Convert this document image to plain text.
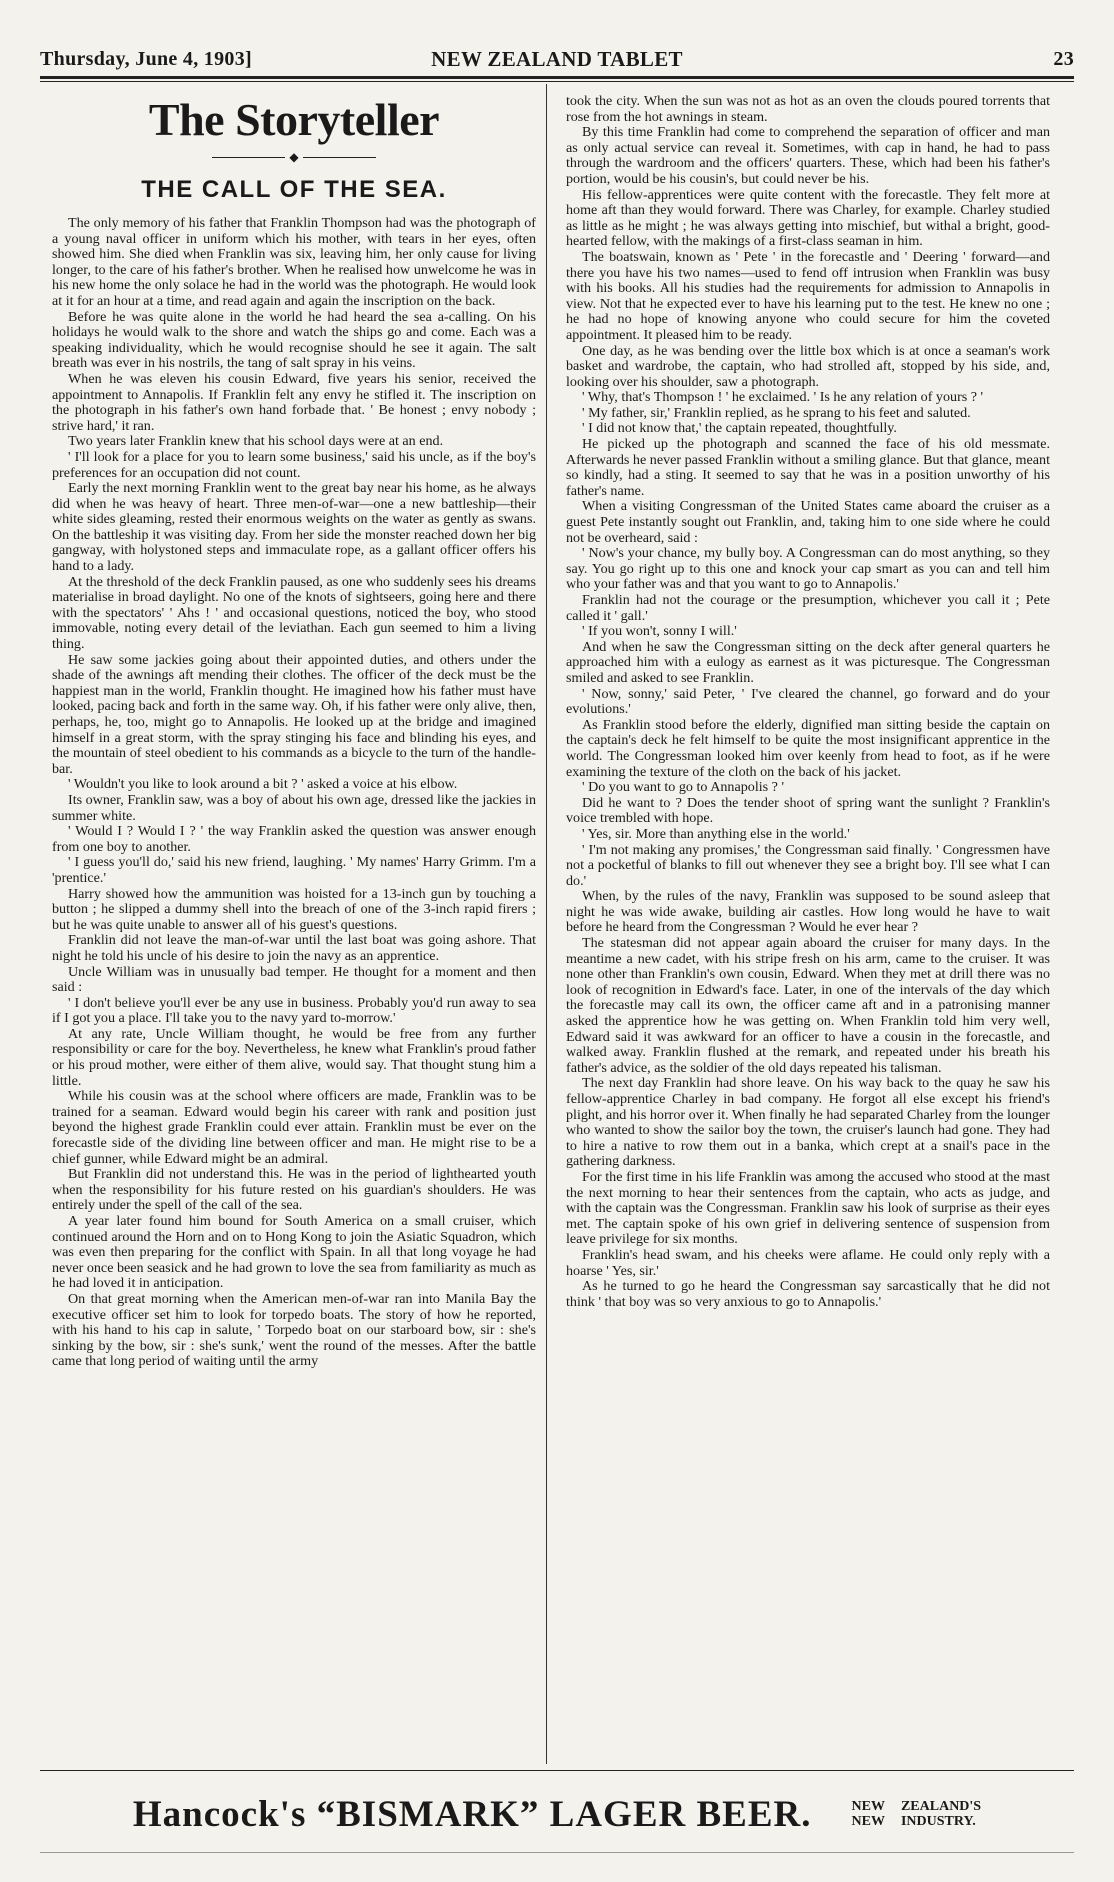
Thursday, June 4, 1903]	NEW ZEALAND TABLET	23
The Storyteller
◆
THE CALL OF THE SEA.

The only memory of his father that Franklin Thompson had was the photograph of a young naval officer in uniform which his mother, with tears in her eyes, often showed him. She died when Franklin was six, leaving him, her only cause for living longer, to the care of his father's brother. When he realised how unwelcome he was in his new home the only solace he had in the world was the photograph. He would look at it for an hour at a time, and read again and again the inscription on the back.

Before he was quite alone in the world he had heard the sea a-calling. On his holidays he would walk to the shore and watch the ships go and come. Each was a speaking individuality, which he would recognise should he see it again. The salt breath was ever in his nostrils, the tang of salt spray in his veins.

When he was eleven his cousin Edward, five years his senior, received the appointment to Annapolis. If Franklin felt any envy he stifled it. The inscription on the photograph in his father's own hand forbade that. ' Be honest ; envy nobody ; strive hard,' it ran.

Two years later Franklin knew that his school days were at an end.

' I'll look for a place for you to learn some business,' said his uncle, as if the boy's preferences for an occupation did not count.

Early the next morning Franklin went to the great bay near his home, as he always did when he was heavy of heart. Three men-of-war—one a new battleship—their white sides gleaming, rested their enormous weights on the water as gently as swans. On the battleship it was visiting day. From her side the monster reached down her big gangway, with holystoned steps and immaculate rope, as a gallant officer offers his hand to a lady.

At the threshold of the deck Franklin paused, as one who suddenly sees his dreams materialise in broad daylight. No one of the knots of sightseers, going here and there with the spectators' ' Ahs ! ' and occasional questions, noticed the boy, who stood immovable, noting every detail of the leviathan. Each gun seemed to him a living thing.

He saw some jackies going about their appointed duties, and others under the shade of the awnings aft mending their clothes. The officer of the deck must be the happiest man in the world, Franklin thought. He imagined how his father must have looked, pacing back and forth in the same way. Oh, if his father were only alive, then, perhaps, he, too, might go to Annapolis. He looked up at the bridge and imagined himself in a great storm, with the spray stinging his face and blinding his eyes, and the mountain of steel obedient to his commands as a bicycle to the turn of the handle-bar.

' Wouldn't you like to look around a bit ? ' asked a voice at his elbow.

Its owner, Franklin saw, was a boy of about his own age, dressed like the jackies in summer white.

' Would I ? Would I ? ' the way Franklin asked the question was answer enough from one boy to another.

' I guess you'll do,' said his new friend, laughing. ' My names' Harry Grimm. I'm a 'prentice.'

Harry showed how the ammunition was hoisted for a 13-inch gun by touching a button ; he slipped a dummy shell into the breach of one of the 3-inch rapid firers ; but he was quite unable to answer all of his guest's questions.

Franklin did not leave the man-of-war until the last boat was going ashore. That night he told his uncle of his desire to join the navy as an apprentice.

Uncle William was in unusually bad temper. He thought for a moment and then said :

' I don't believe you'll ever be any use in business. Probably you'd run away to sea if I got you a place. I'll take you to the navy yard to-morrow.'

At any rate, Uncle William thought, he would be free from any further responsibility or care for the boy. Nevertheless, he knew what Franklin's proud father or his proud mother, were either of them alive, would say. That thought stung him a little.

While his cousin was at the school where officers are made, Franklin was to be trained for a seaman. Edward would begin his career with rank and position just beyond the highest grade Franklin could ever attain. Franklin must be ever on the forecastle side of the dividing line between officer and man. He might rise to be a chief gunner, while Edward might be an admiral.

But Franklin did not understand this. He was in the period of lighthearted youth when the responsibility for his future rested on his guardian's shoulders. He was entirely under the spell of the call of the sea.

A year later found him bound for South America on a small cruiser, which continued around the Horn and on to Hong Kong to join the Asiatic Squadron, which was even then preparing for the conflict with Spain. In all that long voyage he had never once been seasick and he had grown to love the sea from familiarity as much as he had loved it in anticipation.

On that great morning when the American men-of-war ran into Manila Bay the executive officer set him to look for torpedo boats. The story of how he reported, with his hand to his cap in salute, ' Torpedo boat on our starboard bow, sir : she's sinking by the bow, sir : she's sunk,' went the round of the messes. After the battle came that long period of waiting until the army

took the city. When the sun was not as hot as an oven the clouds poured torrents that rose from the hot awnings in steam.

By this time Franklin had come to comprehend the separation of officer and man as only actual service can reveal it. Sometimes, with cap in hand, he had to pass through the wardroom and the officers' quarters. These, which had been his father's portion, would be his cousin's, but could never be his.

His fellow-apprentices were quite content with the forecastle. They felt more at home aft than they would forward. There was Charley, for example. Charley studied as little as he might ; he was always getting into mischief, but withal a bright, good-hearted fellow, with the makings of a first-class seaman in him.

The boatswain, known as ' Pete ' in the forecastle and ' Deering ' forward—and there you have his two names—used to fend off intrusion when Franklin was busy with his books. All his studies had the requirements for admission to Annapolis in view. Not that he expected ever to have his learning put to the test. He knew no one ; he had no hope of knowing anyone who could secure for him the coveted appointment. It pleased him to be ready.

One day, as he was bending over the little box which is at once a seaman's work basket and wardrobe, the captain, who had strolled aft, stopped by his side, and, looking over his shoulder, saw a photograph.

' Why, that's Thompson ! ' he exclaimed. ' Is he any relation of yours ? '

' My father, sir,' Franklin replied, as he sprang to his feet and saluted.

' I did not know that,' the captain repeated, thoughtfully.

He picked up the photograph and scanned the face of his old messmate. Afterwards he never passed Franklin without a smiling glance. But that glance, meant so kindly, had a sting. It seemed to say that he was in a position unworthy of his father's name.

When a visiting Congressman of the United States came aboard the cruiser as a guest Pete instantly sought out Franklin, and, taking him to one side where he could not be overheard, said :

' Now's your chance, my bully boy. A Congressman can do most anything, so they say. You go right up to this one and knock your cap smart as you can and tell him who your father was and that you want to go to Annapolis.'

Franklin had not the courage or the presumption, whichever you call it ; Pete called it ' gall.'

' If you won't, sonny I will.'

And when he saw the Congressman sitting on the deck after general quarters he approached him with a eulogy as earnest as it was picturesque. The Congressman smiled and asked to see Franklin.

' Now, sonny,' said Peter, ' I've cleared the channel, go forward and do your evolutions.'

As Franklin stood before the elderly, dignified man sitting beside the captain on the captain's deck he felt himself to be quite the most insignificant apprentice in the world. The Congressman looked him over keenly from head to foot, as if he were examining the texture of the cloth on the back of his jacket.

' Do you want to go to Annapolis ? '

Did he want to ? Does the tender shoot of spring want the sunlight ? Franklin's voice trembled with hope.

' Yes, sir. More than anything else in the world.'

' I'm not making any promises,' the Congressman said finally. ' Congressmen have not a pocketful of blanks to fill out whenever they see a bright boy. I'll see what I can do.'

When, by the rules of the navy, Franklin was supposed to be sound asleep that night he was wide awake, building air castles. How long would he have to wait before he heard from the Congressman ? Would he ever hear ?

The statesman did not appear again aboard the cruiser for many days. In the meantime a new cadet, with his stripe fresh on his arm, came to the cruiser. It was none other than Franklin's own cousin, Edward. When they met at drill there was no look of recognition in Edward's face. Later, in one of the intervals of the day which the forecastle may call its own, the officer came aft and in a patronising manner asked the apprentice how he was getting on. When Franklin told him very well, Edward said it was awkward for an officer to have a cousin in the forecastle, and walked away. Franklin flushed at the remark, and repeated under his breath his father's advice, as the soldier of the old days repeated his talisman.

The next day Franklin had shore leave. On his way back to the quay he saw his fellow-apprentice Charley in bad company. He forgot all else except his friend's plight, and his horror over it. When finally he had separated Charley from the lounger who wanted to show the sailor boy the town, the cruiser's launch had gone. They had to hire a native to row them out in a banka, which crept at a snail's pace in the gathering darkness.

For the first time in his life Franklin was among the accused who stood at the mast the next morning to hear their sentences from the captain, who acts as judge, and with the captain was the Congressman. Franklin saw his look of surprise as their eyes met. The captain spoke of his own grief in delivering sentence of suspension from leave privilege for six months.

Franklin's head swam, and his cheeks were aflame. He could only reply with a hoarse ' Yes, sir.'

As he turned to go he heard the Congressman say sarcastically that he did not think ' that boy was so very anxious to go to Annapolis.'

Hancock's “BISMARK” LAGER BEER.	NEW ZEALAND'S
NEW INDUSTRY.
